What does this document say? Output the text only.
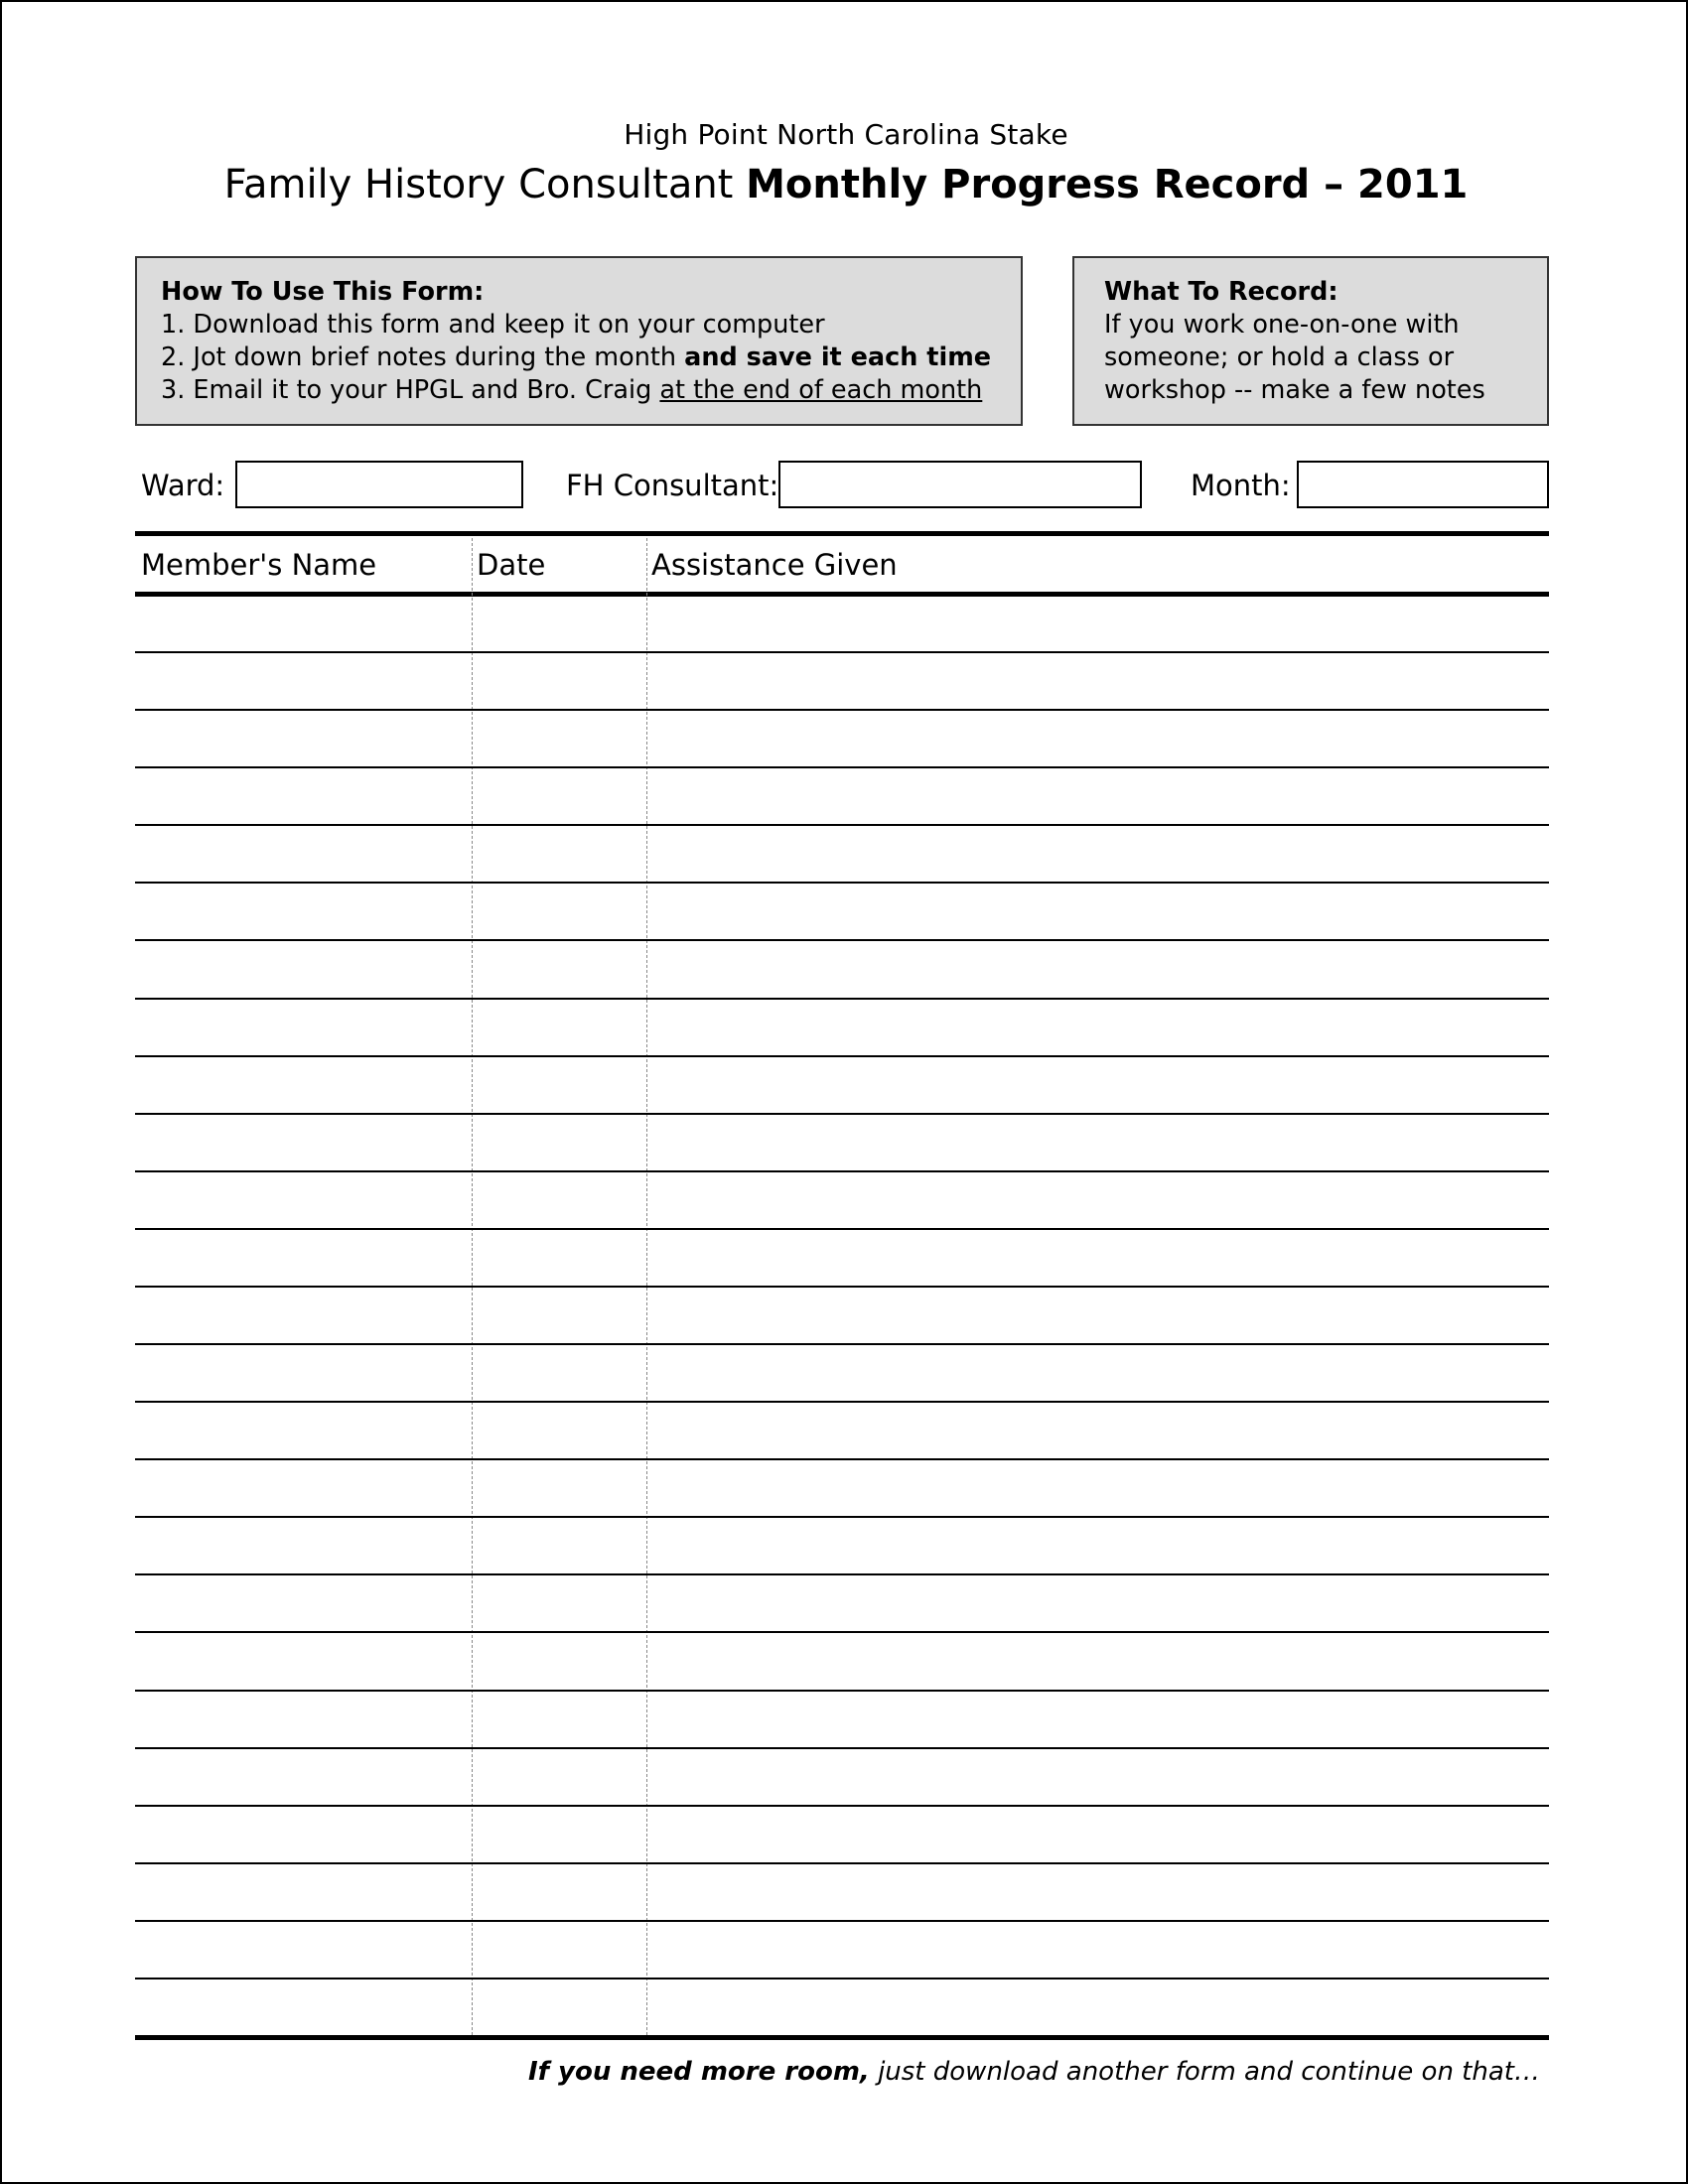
High Point North Carolina Stake
Family History Consultant Monthly Progress Record – 2011
How To Use This Form:
1. Download this form and keep it on your computer
2. Jot down brief notes during the month and save it each time
3. Email it to your HPGL and Bro. Craig at the end of each month
What To Record:
If you work one-on-one with
someone; or hold a class or
workshop -- make a few notes
Ward:	FH Consultant:	Month:
Member's Name	Date	Assistance Given
If you need more room, just download another form and continue on that…
